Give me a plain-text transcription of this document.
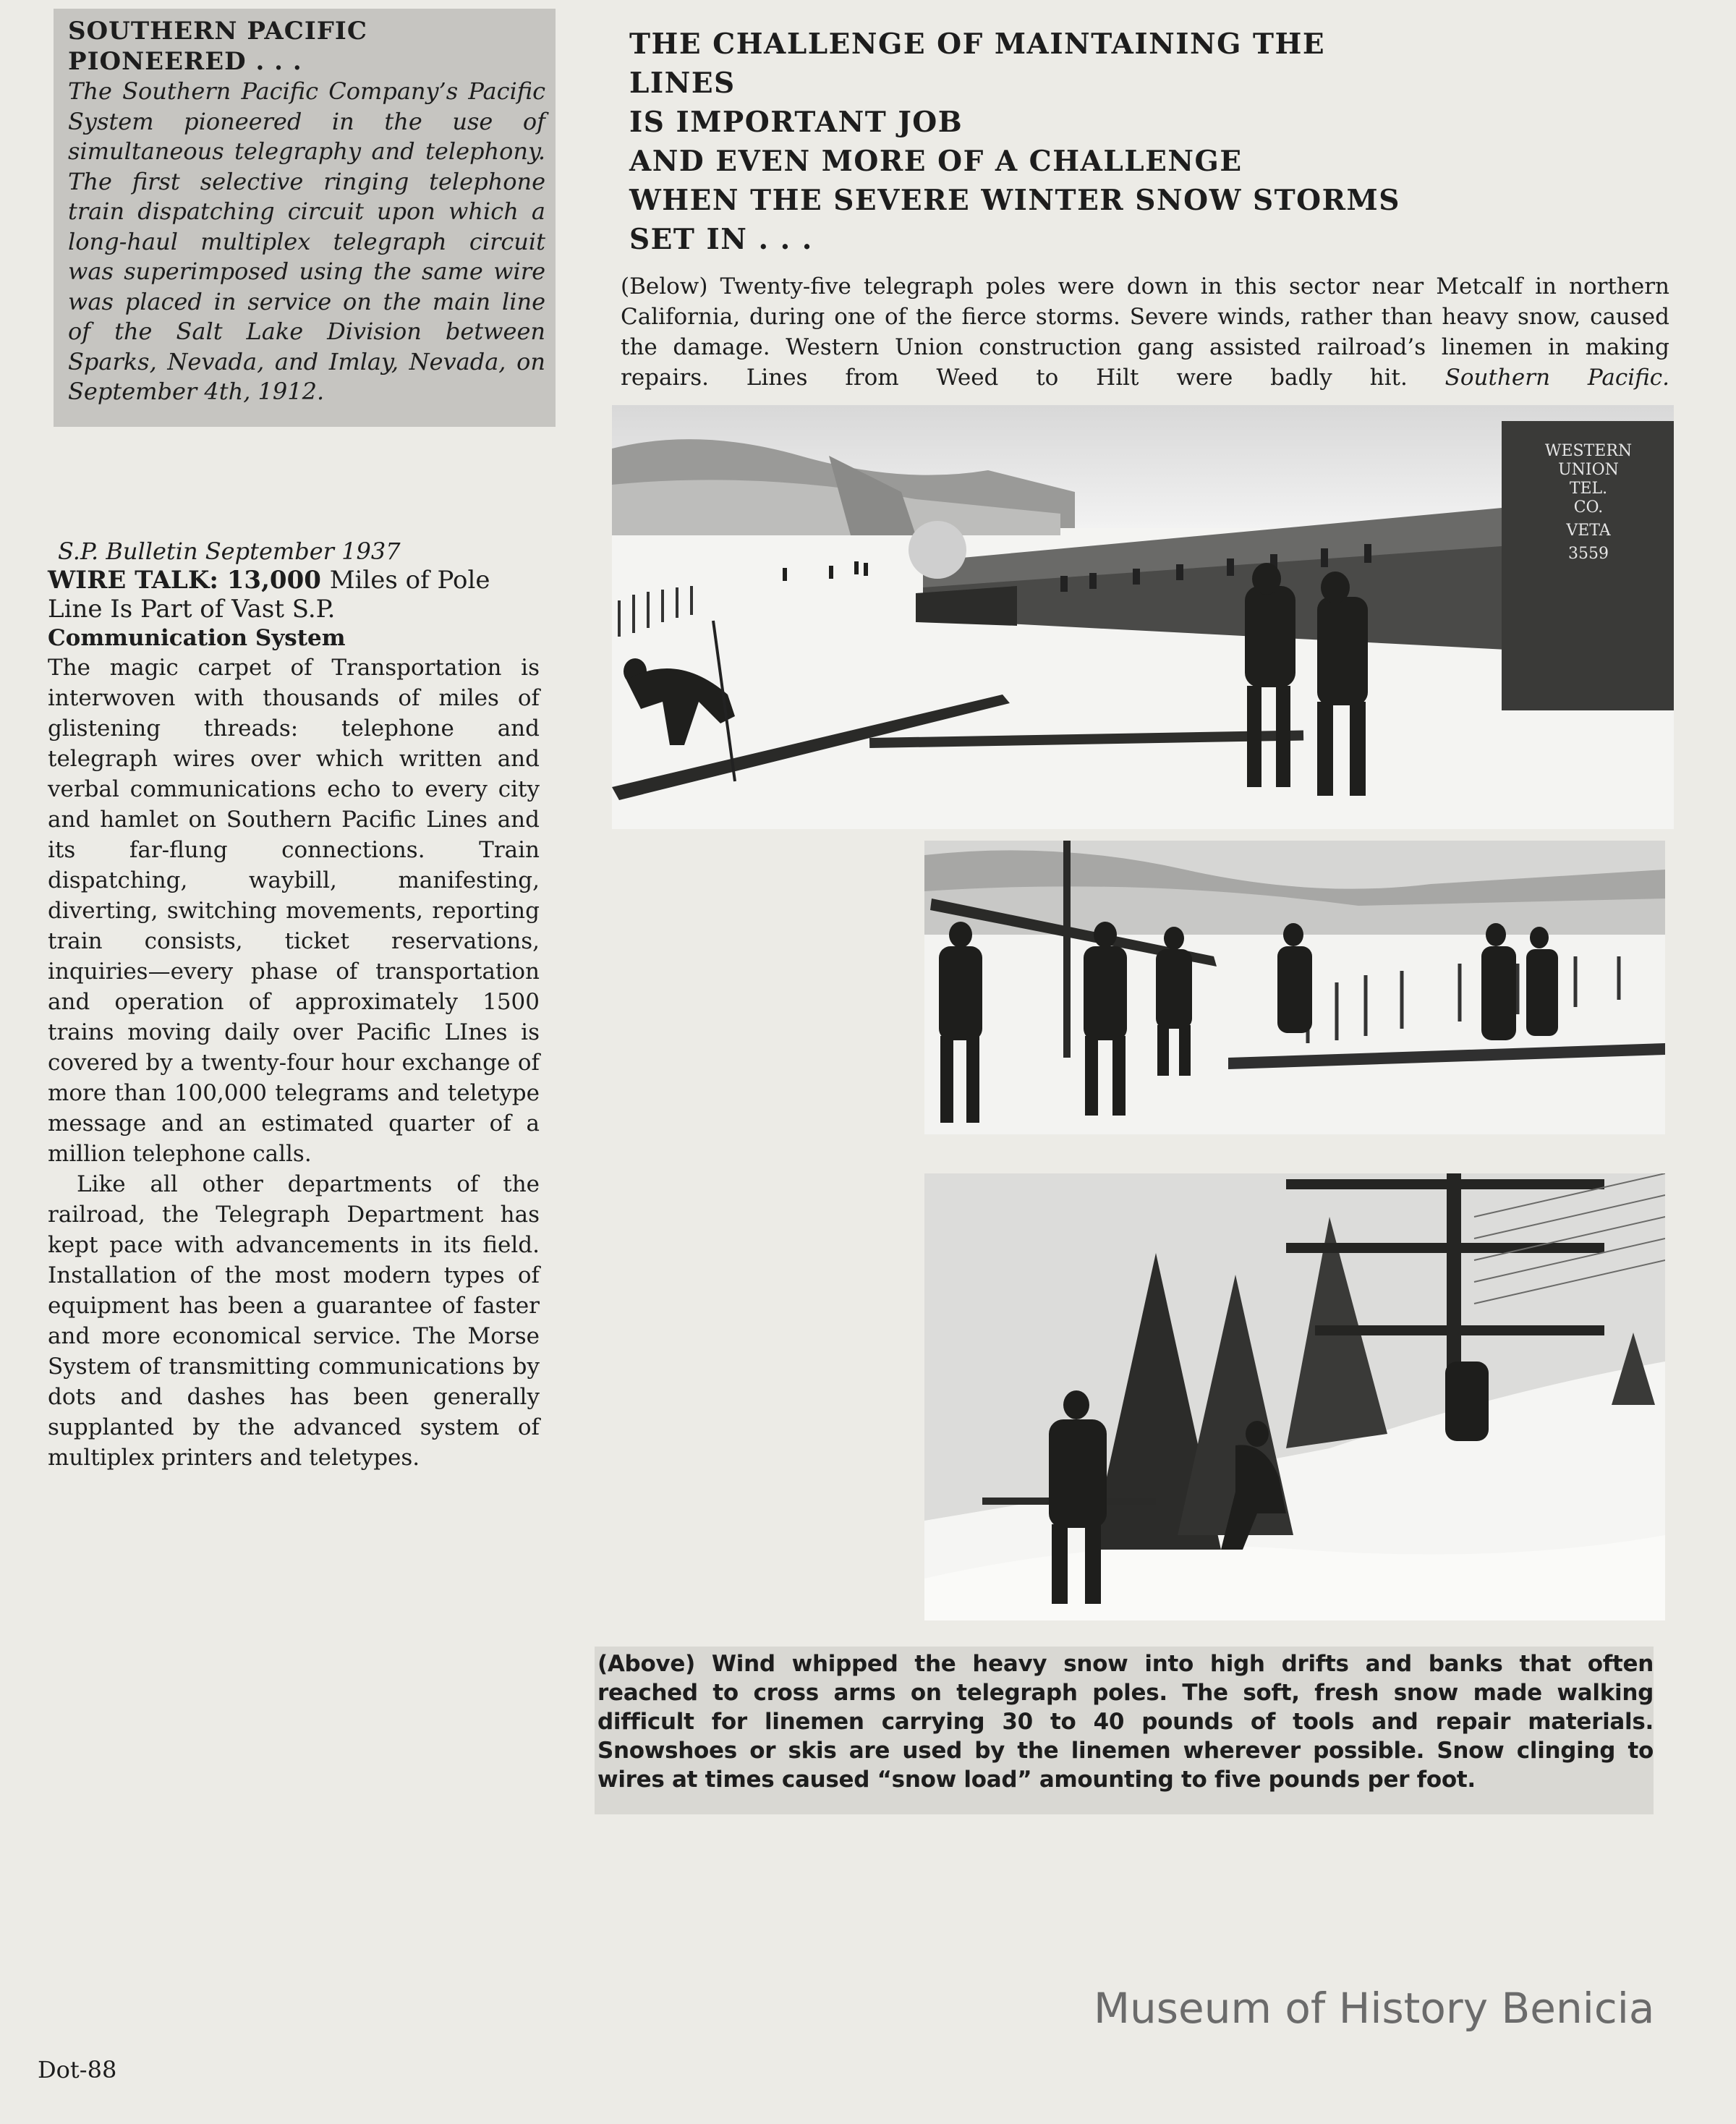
SOUTHERN PACIFIC
PIONEERED . . .

The Southern Pacific Company’s Pacific System pioneered in the use of simultaneous telegraphy and telephony. The first selective ringing telephone train dispatching circuit upon which a long-haul multiplex telegraph circuit was superimposed using the same wire was placed in service on the main line of the Salt Lake Division between Sparks, Nevada, and Imlay, Nevada, on September 4th, 1912.

THE CHALLENGE OF MAINTAINING THE LINES
IS IMPORTANT JOB
AND EVEN MORE OF A CHALLENGE
WHEN THE SEVERE WINTER SNOW STORMS
SET IN . . .

(Below) Twenty-five telegraph poles were down in this sector near Metcalf in northern California, during one of the fierce storms. Severe winds, rather than heavy snow, caused the damage. Western Union construction gang assisted railroad’s linemen in making repairs. Lines from Weed to Hilt were badly hit. Southern Pacific.

WESTERN
UNION
TEL.
CO.
VETA
3559

S.P. Bulletin September 1937

WIRE TALK: 13,000 Miles of Pole Line Is Part of Vast S.P.

Communication System

The magic carpet of Transportation is interwoven with thousands of miles of glistening threads: telephone and telegraph wires over which written and verbal communications echo to every city and hamlet on Southern Pacific Lines and its far-flung connections. Train dispatching, waybill, manifesting, diverting, switching movements, reporting train consists, ticket reservations, inquiries—every phase of transportation and operation of approximately 1500 trains moving daily over Pacific LInes is covered by a twenty-four hour exchange of more than 100,000 telegrams and teletype message and an estimated quarter of a million telephone calls.

Like all other departments of the railroad, the Telegraph Department has kept pace with advancements in its field. Installation of the most modern types of equipment has been a guarantee of faster and more economical service. The Morse System of transmitting communications by dots and dashes has been generally supplanted by the advanced system of multiplex printers and teletypes.

(Above) Wind whipped the heavy snow into high drifts and banks that often reached to cross arms on telegraph poles. The soft, fresh snow made walking difficult for linemen carrying 30 to 40 pounds of tools and repair materials. Snowshoes or skis are used by the linemen wherever possible. Snow clinging to wires at times caused “snow load” amounting to five pounds per foot.

Museum of History Benicia
Dot-88
